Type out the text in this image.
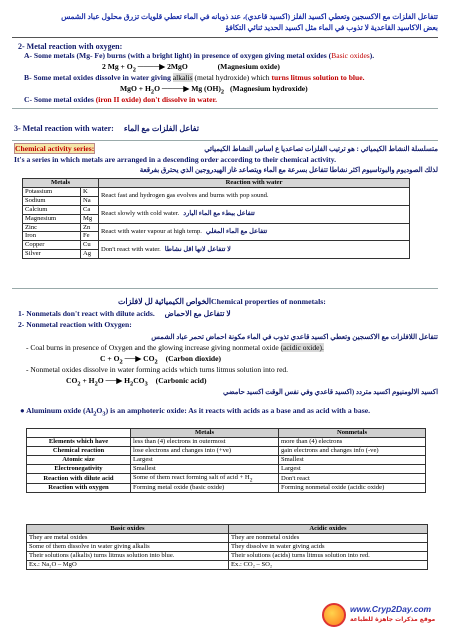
تتفاعل الفلزات مع الاكسجين وتعطي اكسيد الفلز (اكسيد قاعدي)، عند ذوبانه في الماء تعطي قلويات تزرق محلول عباد الشمس
بعض الاكاسيد القاعدية لا تذوب في الماء مثل اكسيد الحديد ثنائي التكافؤ
2- Metal reaction with oxygen:
A- Some metals (Mg- Fe) burns (with a bright light) in presence of oxygen giving metal oxides (Basic oxides).
2 $Mg + O_2$ ────▶ 2MgO	(Magnesium oxide)
B- Some metal oxides dissolve in water giving alkalis (metal hydroxide) which turns litmus solution to blue.
MgO + $H_2O$ ────▶ Mg $(OH)_2$ (Magnesium hydroxide)
C- Some metal oxides (iron II oxide) don't dissolve in water.
3- Metal reaction with water: تفاعل الفلزات مع الماء
Chemical activity series:	متسلسلة النشاط الكيميائي : هو ترتيب الفلزات تصاعديا ع اساس النشاط الكيميائي
It's a series in which metals are arranged in a descending order according to their chemical activity.
لذلك الصوديوم والبوتاسيوم اكثر نشاطا تتفاعل بسرعة مع الماء ويتصاعد غاز الهيدروجين الذي يحترق بفرقعة
Metals		Reaction with water
Potassium	K	React fast and hydrogen gas evolves and burns with pop sound.
Sodium	Na	
Calcium	Ca	React slowly with cold water. تتفاعل ببطء مع الماء البارد
Magnesium	Mg	
Zinc	Zn	React with water vapour at high temp. تتفاعل مع الماء المغلي
Iron	Fe	
Copper	Cu	Don't react with water. لا تتفاعل لانها اقل نشاطا
Silver	Ag	
الخواص الكيميائية لل لافلزاتChemical properties of nonmetals:
1- Nonmetals don't react with dilute acids. لا تتفاعل مع الاحماض
2- Nonmetal reaction with Oxygen:
تتفاعل اللافلزات مع الاكسجين وتعطي اكسيد قاعدي تذوب في الماء مكونة احماض تحمر عباد الشمس
- Coal burns in presence of Oxygen and the glowing increase giving nonmetal oxide (acidic oxide).
$C + O_2$ ──▶ $CO_2$ (Carbon dioxide)
- Nonmetal oxides dissolve in water forming acids which turns litmus solution into red.
$CO_2 + H_2O$ ──▶ $H_2CO_3$ (Carbonic acid)
اكسيد الالومنيوم اكسيد متردد (اكسيد قاعدي وفي نفس الوقت اكسيد حامضي
● Aluminum oxide $(Al_2O_3)$ is an amphoteric oxide: As it reacts with acids as a base and as acid with a base.
	Metals	Nonmetals
Elements which have	less than (4) electrons in outermost	more than (4) electrons
Chemical reaction	lose electrons and changes into (+ve)	gain electrons and changes info (-ve)
Atomic size	Largest	Smallest
Electronegativity	Smallest	Largest
Reaction with dilute acid	Some of them react forming salt of acid + $H_2$	Don't react
Reaction with oxygen	Forming metal oxide (basic oxide)	Forming nonmetal oxide (acidic oxide)
Basic oxides	Acidic oxides
They are metal oxides	They are nonmetal oxides
Some of them dissolve in water giving alkalis	They dissolve in water giving acids
Their solutions (alkalis) turns litmus solution into blue.	Their solutions (acids) turns litmus solution into red.
Ex.: Na₂O – MgO	Ex.: CO₂ – SO₂
www.Cryp2Day.com
موقع مذكرات جاهزة للطباعة
